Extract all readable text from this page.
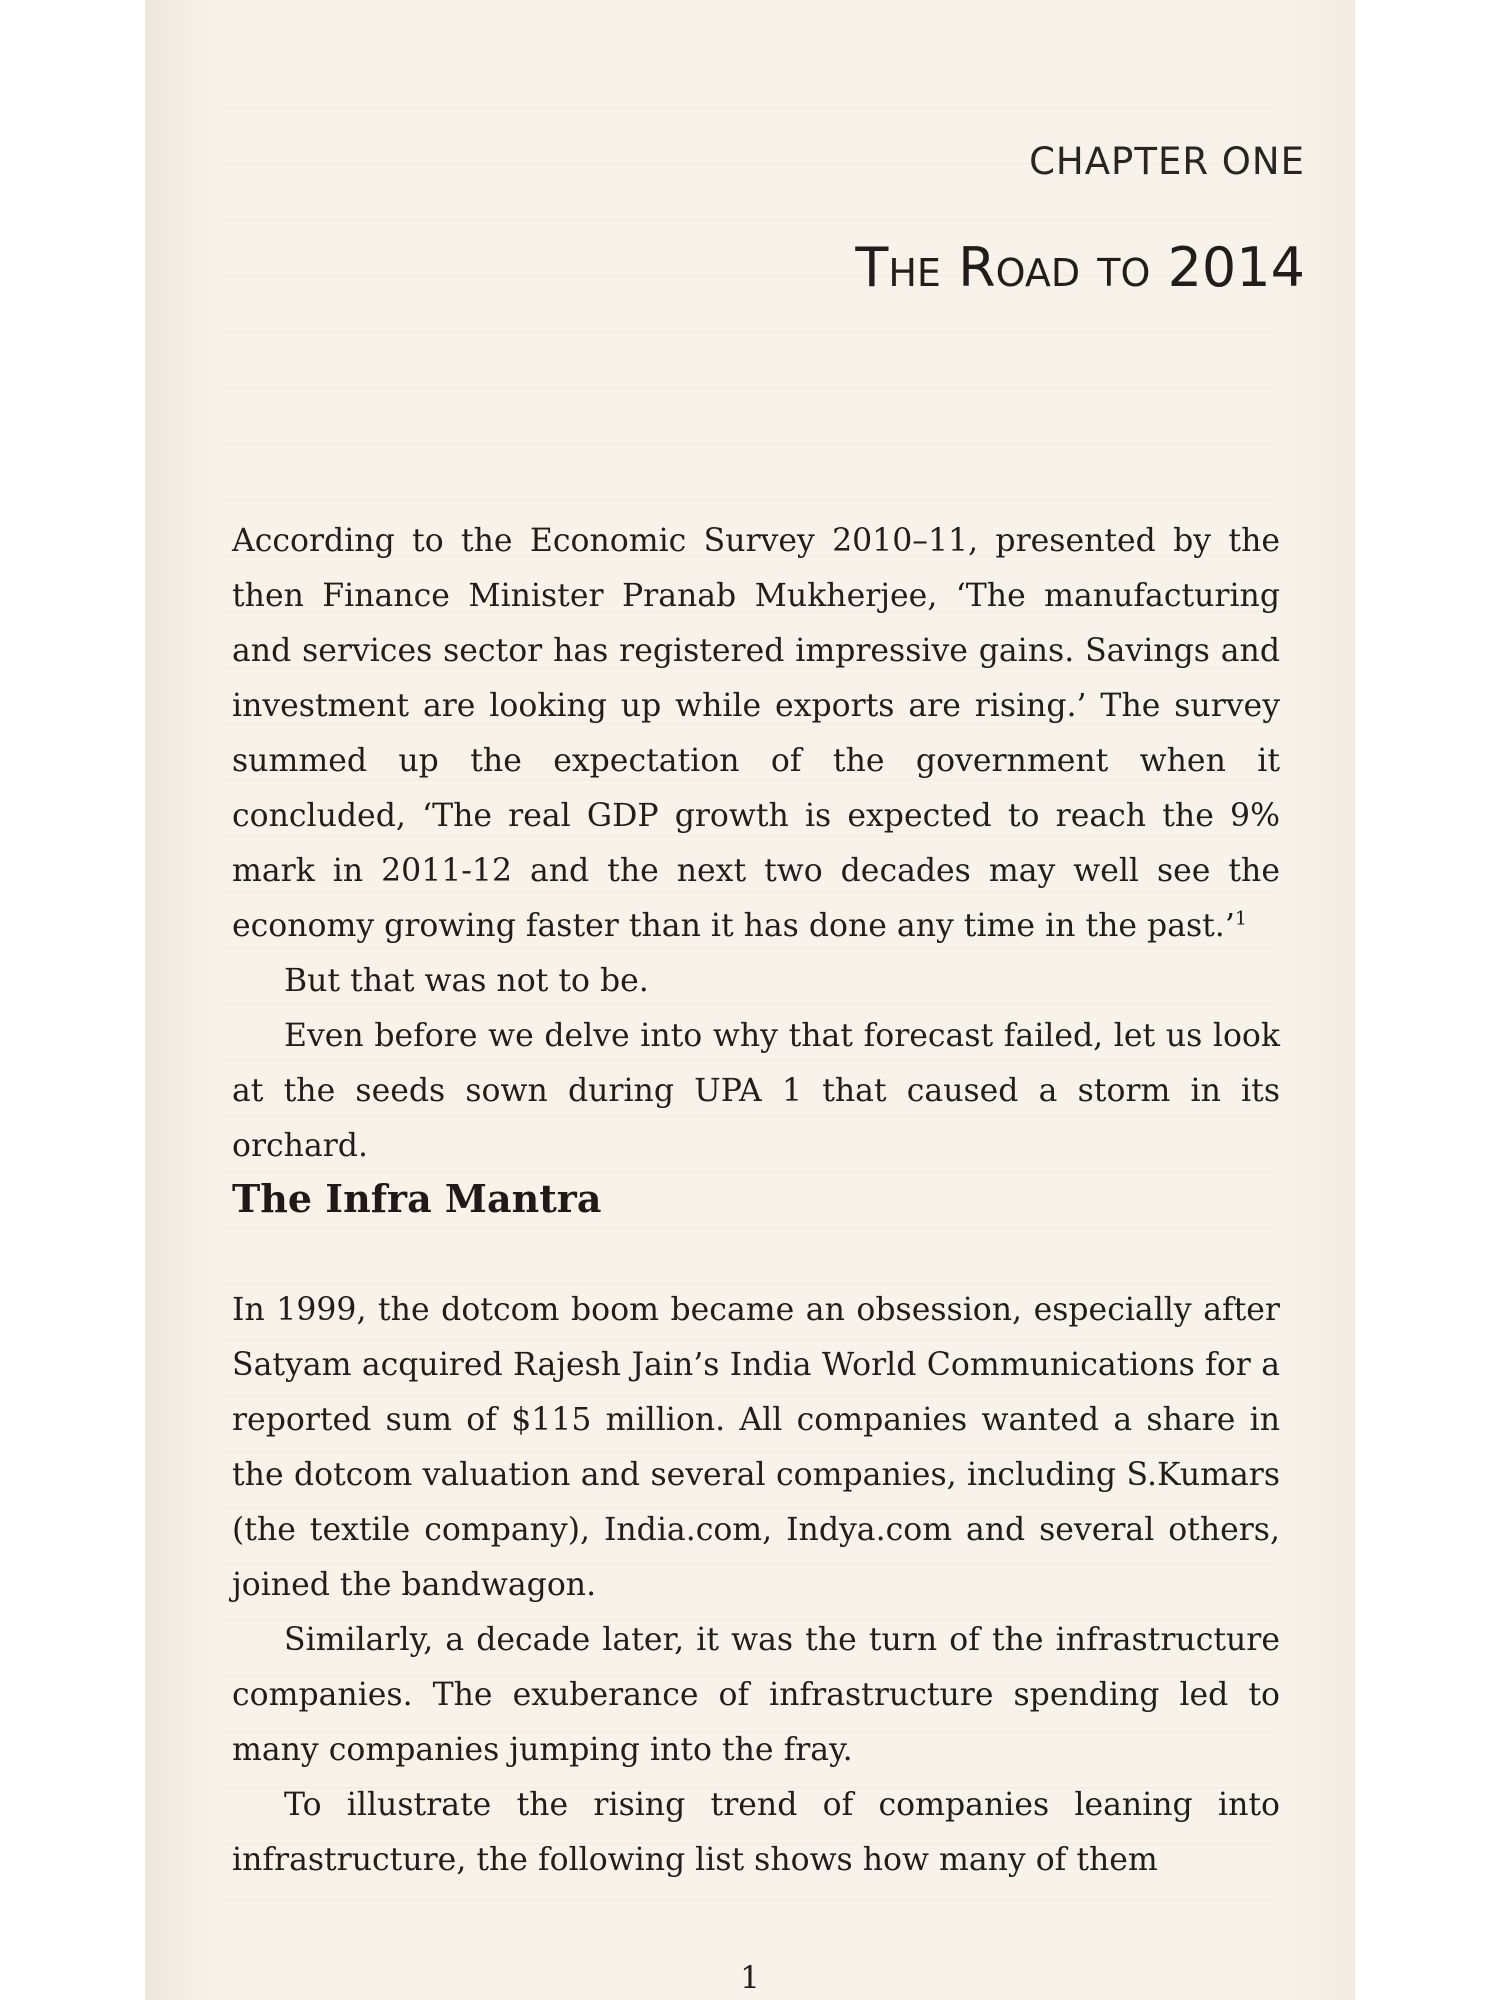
CHAPTER ONE
The Road to 2014

According to the Economic Survey 2010–11, presented by the then Finance Minister Pranab Mukherjee, ‘The manufacturing and services sector has registered impressive gains. Savings and investment are looking up while exports are rising.’ The survey summed up the expectation of the government when it concluded, ‘The real GDP growth is expected to reach the 9% mark in 2011-12 and the next two decades may well see the economy growing faster than it has done any time in the past.’$^1$

But that was not to be.

Even before we delve into why that forecast failed, let us look at the seeds sown during UPA 1 that caused a storm in its orchard.

The Infra Mantra

In 1999, the dotcom boom became an obsession, especially after Satyam acquired Rajesh Jain’s India World Communications for a reported sum of $115 million. All companies wanted a share in the dotcom valuation and several companies, including S.Kumars (the textile company), India.com, Indya.com and several others, joined the bandwagon.

Similarly, a decade later, it was the turn of the infrastructure companies. The exuberance of infrastructure spending led to many companies jumping into the fray.

To illustrate the rising trend of companies leaning into infrastructure, the following list shows how many of them

1
